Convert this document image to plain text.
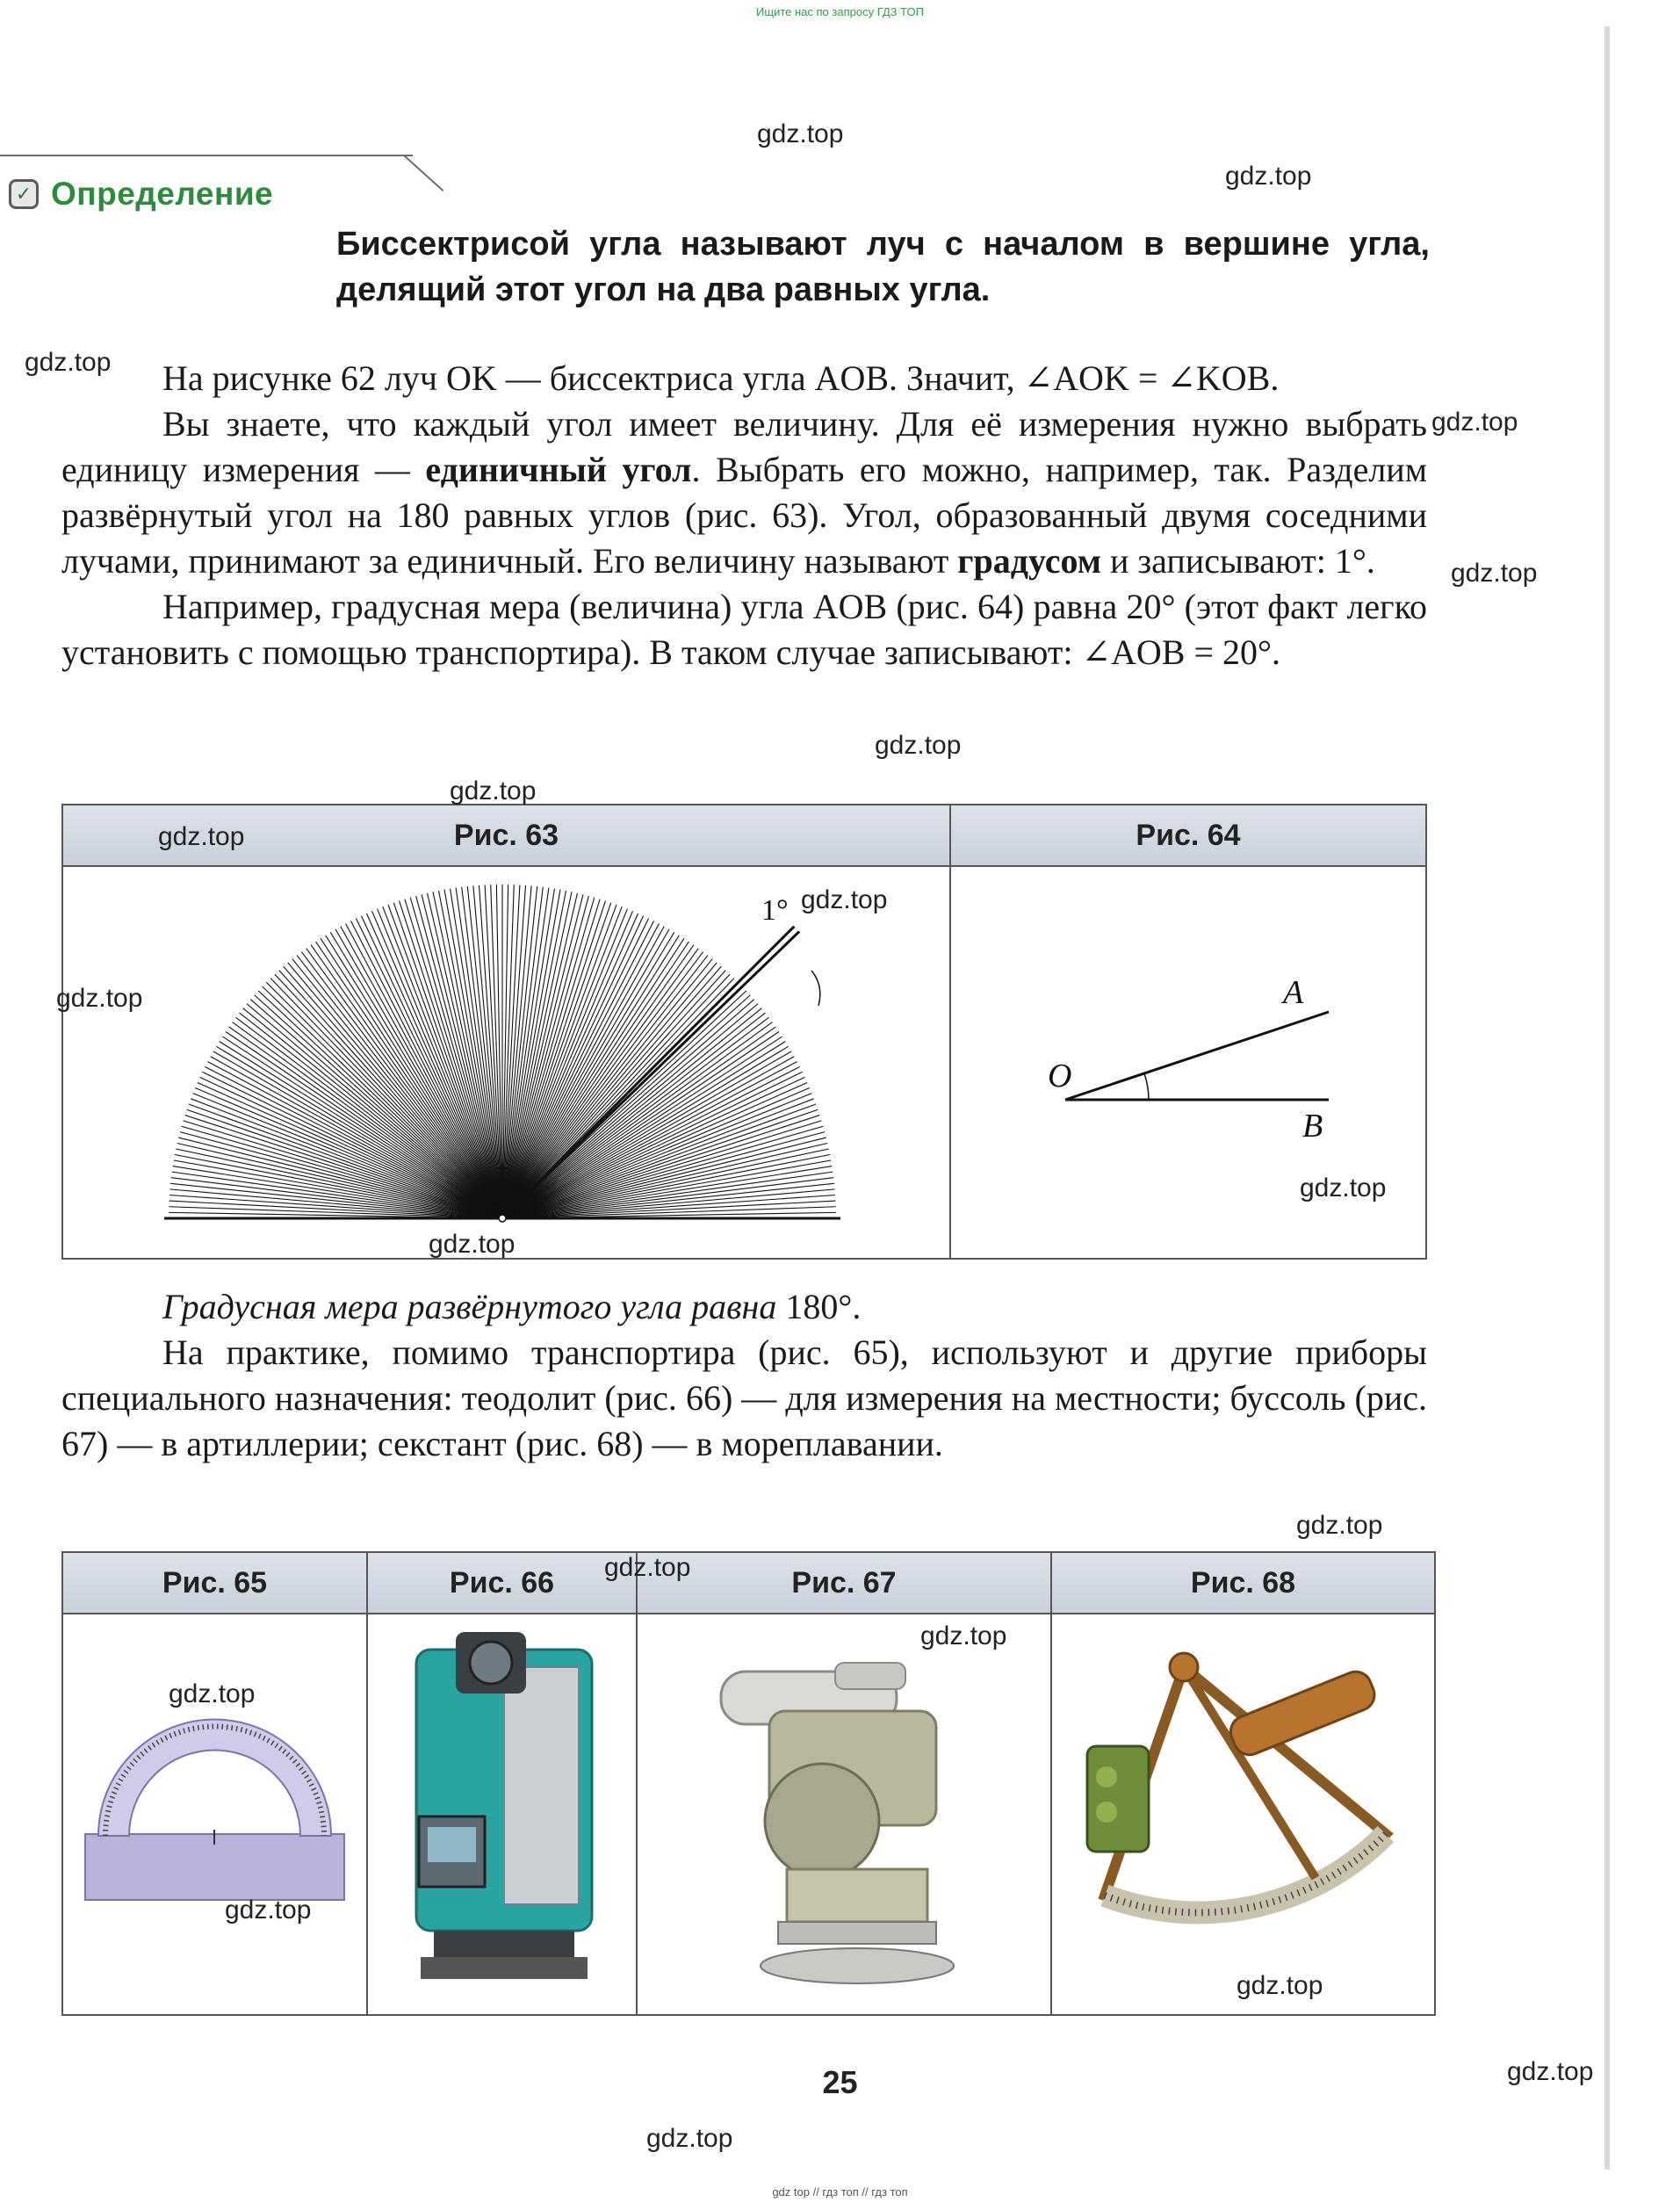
Ищите нас по запросу ГДЗ ТОП
✓ Определение
Биссектрисой угла называют луч с началом в вершине угла, делящий этот угол на два равных угла.

На рисунке 62 луч OK — биссектриса угла AOB. Значит, ∠AOK = ∠KOB.

Вы знаете, что каждый угол имеет величину. Для её измерения нужно выбрать единицу измерения — единичный угол. Выбрать его можно, например, так. Разделим развёрнутый угол на 180 равных углов (рис. 63). Угол, образованный двумя соседними лучами, принимают за единичный. Его величину называют градусом и записывают: 1°.

Например, градусная мера (величина) угла AOB (рис. 64) равна 20° (этот факт легко установить с помощью транспортира). В таком случае записывают: ∠AOB = 20°.

Рис. 63	Рис. 64

1°	O
A
B

Градусная мера развёрнутого угла равна 180°.

На практике, помимо транспортира (рис. 65), используют и другие приборы специального назначения: теодолит (рис. 66) — для измерения на местности; буссоль (рис. 67) — в артиллерии; секстант (рис. 68) — в мореплавании.

Рис. 65	Рис. 66	Рис. 67	Рис. 68

25
gdz top // гдз топ // гдз топ
gdz.top
gdz.top
gdz.top
gdz.top
gdz.top
gdz.top
gdz.top
gdz.top
gdz.top
gdz.top
gdz.top
gdz.top
gdz.top
gdz.top
gdz.top
gdz.top
gdz.top
gdz.top
gdz.top
gdz.top
